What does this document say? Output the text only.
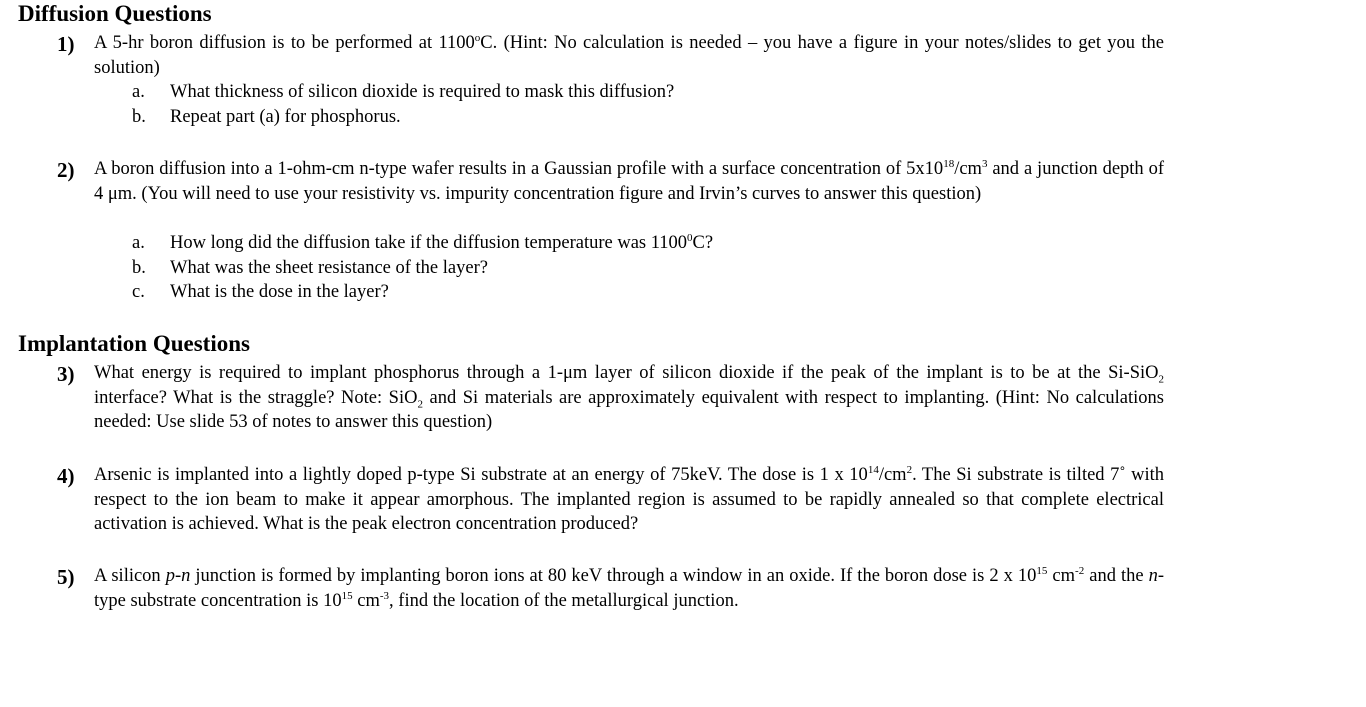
Diffusion Questions
1) A 5-hr boron diffusion is to be performed at 1100$^o$C. (Hint: No calculation is needed – you have a figure in your notes/slides to get you the solution)
a. What thickness of silicon dioxide is required to mask this diffusion?
b. Repeat part (a) for phosphorus.
2) A boron diffusion into a 1-ohm-cm n-type wafer results in a Gaussian profile with a surface concentration of $5x10^{18}/cm^3$ and a junction depth of 4 μm. (You will need to use your resistivity vs. impurity concentration figure and Irvin’s curves to answer this question)
a. How long did the diffusion take if the diffusion temperature was 1100$^0$C?
b. What was the sheet resistance of the layer?
c. What is the dose in the layer?
Implantation Questions
3) What energy is required to implant phosphorus through a 1-μm layer of silicon dioxide if the peak of the implant is to be at the Si-SiO$_2$ interface? What is the straggle? Note: SiO$_2$ and Si materials are approximately equivalent with respect to implanting. (Hint: No calculations needed: Use slide 53 of notes to answer this question)
4) Arsenic is implanted into a lightly doped p-type Si substrate at an energy of 75keV. The dose is 1 x $10^{14}/cm^2$. The Si substrate is tilted 7˚ with respect to the ion beam to make it appear amorphous. The implanted region is assumed to be rapidly annealed so that complete electrical activation is achieved. What is the peak electron concentration produced?
5) A silicon p-n junction is formed by implanting boron ions at 80 keV through a window in an oxide. If the boron dose is 2 x $10^{15}$ $cm^{-2}$ and the n-type substrate concentration is $10^{15}$ $cm^{-3}$, find the location of the metallurgical junction.
